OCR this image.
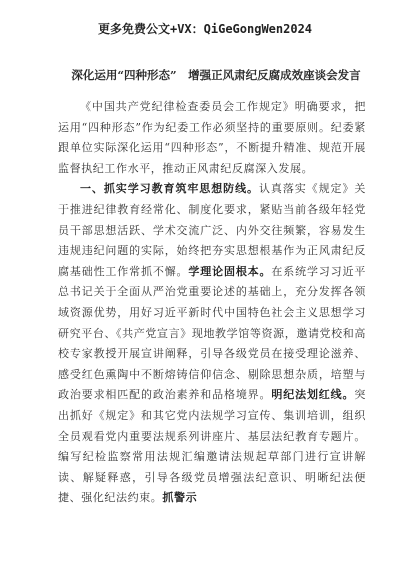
更多免费公文+VX：QiGeGongWen2024
深化运用“四种形态”　增强正风肃纪反腐成效座谈会发言

《中国共产党纪律检查委员会工作规定》明确要求，把运用“四种形态”作为纪委工作必须坚持的重要原则。纪委紧跟单位实际深化运用“四种形态”，不断提升精准、规范开展监督执纪工作水平，推动正风肃纪反腐深入发展。

一、抓实学习教育筑牢思想防线。认真落实《规定》关于推进纪律教育经常化、制度化要求，紧贴当前各级年轻党员干部思想活跃、学术交流广泛、内外交往频繁，容易发生违规违纪问题的实际，始终把夯实思想根基作为正风肃纪反腐基础性工作常抓不懈。学理论固根本。在系统学习习近平总书记关于全面从严治党重要论述的基础上，充分发挥各领域资源优势，用好习近平新时代中国特色社会主义思想学习研究平台、《共产党宣言》现地教学馆等资源，邀请党校和高校专家教授开展宣讲阐释，引导各级党员在接受理论滋养、感受红色熏陶中不断熔铸信仰信念、剔除思想杂质，培塑与政治要求相匹配的政治素养和品格境界。明纪法划红线。突出抓好《规定》和其它党内法规学习宣传、集训培训，组织全员观看党内重要法规系列讲座片、基层法纪教育专题片。编写纪检监察常用法规汇编邀请法规起草部门进行宣讲解读、解疑释惑，引导各级党员增强法纪意识、明晰纪法便捷、强化纪法约束。抓警示
